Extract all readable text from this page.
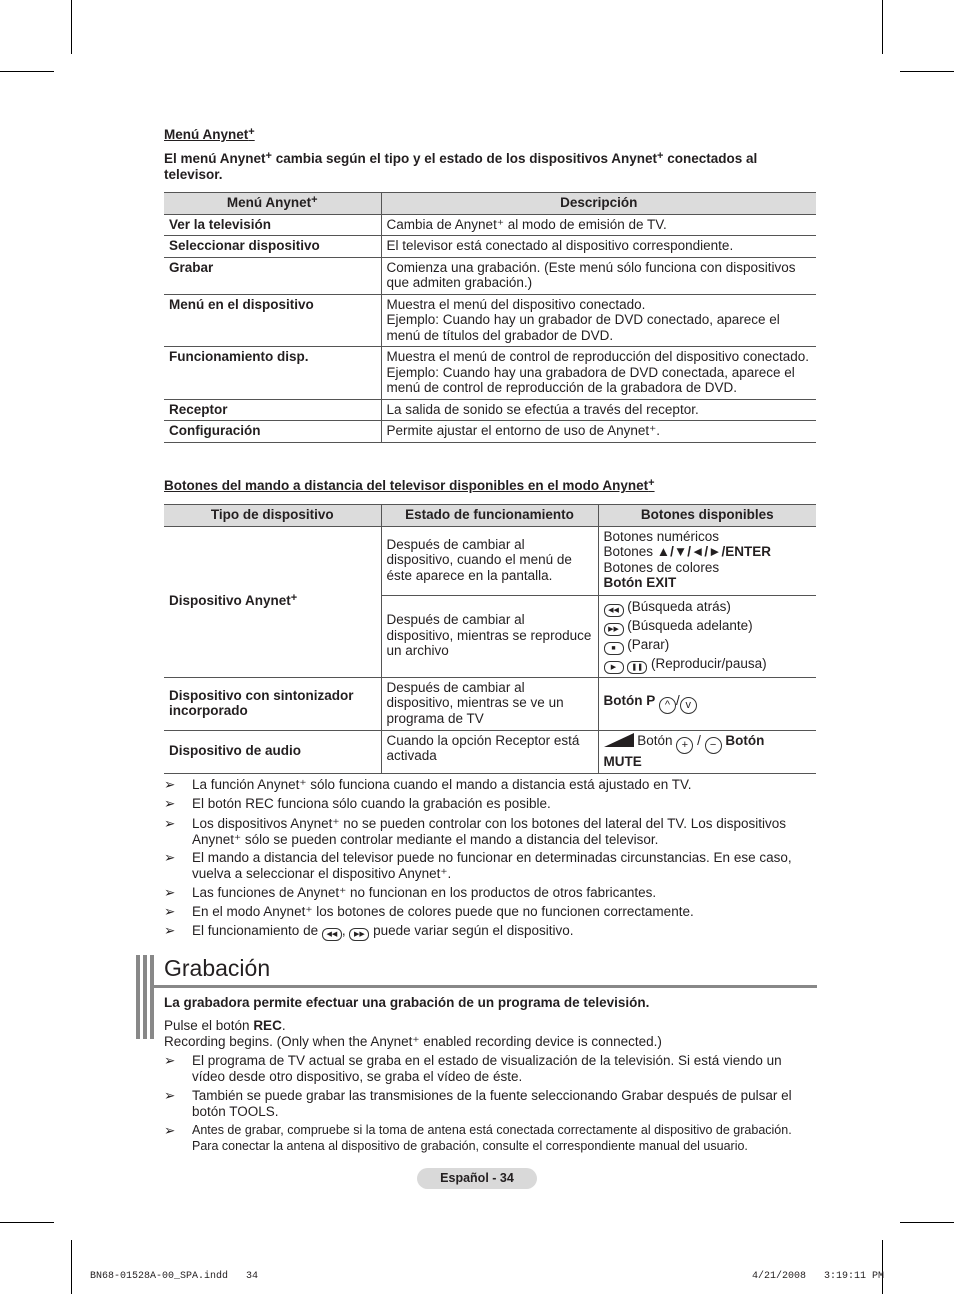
Menú Anynet+
El menú Anynet+ cambia según el tipo y el estado de los dispositivos Anynet+ conectados al televisor.
Menú Anynet+	Descripción
Ver la televisión	Cambia de Anynet⁺ al modo de emisión de TV.
Seleccionar dispositivo	El televisor está conectado al dispositivo correspondiente.
Grabar	Comienza una grabación. (Este menú sólo funciona con dispositivos que admiten grabación.)
Menú en el dispositivo	Muestra el menú del dispositivo conectado.
Ejemplo: Cuando hay un grabador de DVD conectado, aparece el menú de títulos del grabador de DVD.
Funcionamiento disp.	Muestra el menú de control de reproducción del dispositivo conectado.
Ejemplo: Cuando hay una grabadora de DVD conectada, aparece el menú de control de reproducción de la grabadora de DVD.
Receptor	La salida de sonido se efectúa a través del receptor.
Configuración	Permite ajustar el entorno de uso de Anynet⁺.
Botones del mando a distancia del televisor disponibles en el modo Anynet+
Tipo de dispositivo	Estado de funcionamiento	Botones disponibles
Dispositivo Anynet+	Después de cambiar al dispositivo, cuando el menú de éste aparece en la pantalla.	Botones numéricos
Botones ▲/▼/◄/►/ENTER
Botones de colores
Botón EXIT

	Después de cambiar al dispositivo, mientras se reproduce un archivo	◀◀ (Búsqueda atrás)
▶▶ (Búsqueda adelante)
■ (Parar)
▶ ❚❚ (Reproducir/pausa)

Dispositivo con sintonizador incorporado	Después de cambiar al dispositivo, mientras se ve un programa de TV	Botón P ^ / v
Dispositivo de audio	Cuando la opción Receptor está activada	Botón + / − Botón
MUTE
➢	La función Anynet⁺ sólo funciona cuando el mando a distancia está ajustado en TV.
➢	El botón REC funciona sólo cuando la grabación es posible.
➢	Los dispositivos Anynet⁺ no se pueden controlar con los botones del lateral del TV. Los dispositivos Anynet⁺ sólo se pueden controlar mediante el mando a distancia del televisor.
➢	El mando a distancia del televisor puede no funcionar en determinadas circunstancias. En ese caso, vuelva a seleccionar el dispositivo Anynet⁺.
➢	Las funciones de Anynet⁺ no funcionan en los productos de otros fabricantes.
➢	En el modo Anynet⁺ los botones de colores puede que no funcionen correctamente.
➢	El funcionamiento de ◀◀ , ▶▶ puede variar según el dispositivo.
Grabación
La grabadora permite efectuar una grabación de un programa de televisión.
Pulse el botón REC.
Recording begins. (Only when the Anynet⁺ enabled recording device is connected.)
➢	El programa de TV actual se graba en el estado de visualización de la televisión. Si está viendo un vídeo desde otro dispositivo, se graba el vídeo de éste.
➢	También se puede grabar las transmisiones de la fuente seleccionando Grabar después de pulsar el botón TOOLS.
➢	Antes de grabar, compruebe si la toma de antena está conectada correctamente al dispositivo de grabación. Para conectar la antena al dispositivo de grabación, consulte el correspondiente manual del usuario.
Español - 34
BN68-01528A-00_SPA.indd   34	4/21/2008   3:19:11 PM
